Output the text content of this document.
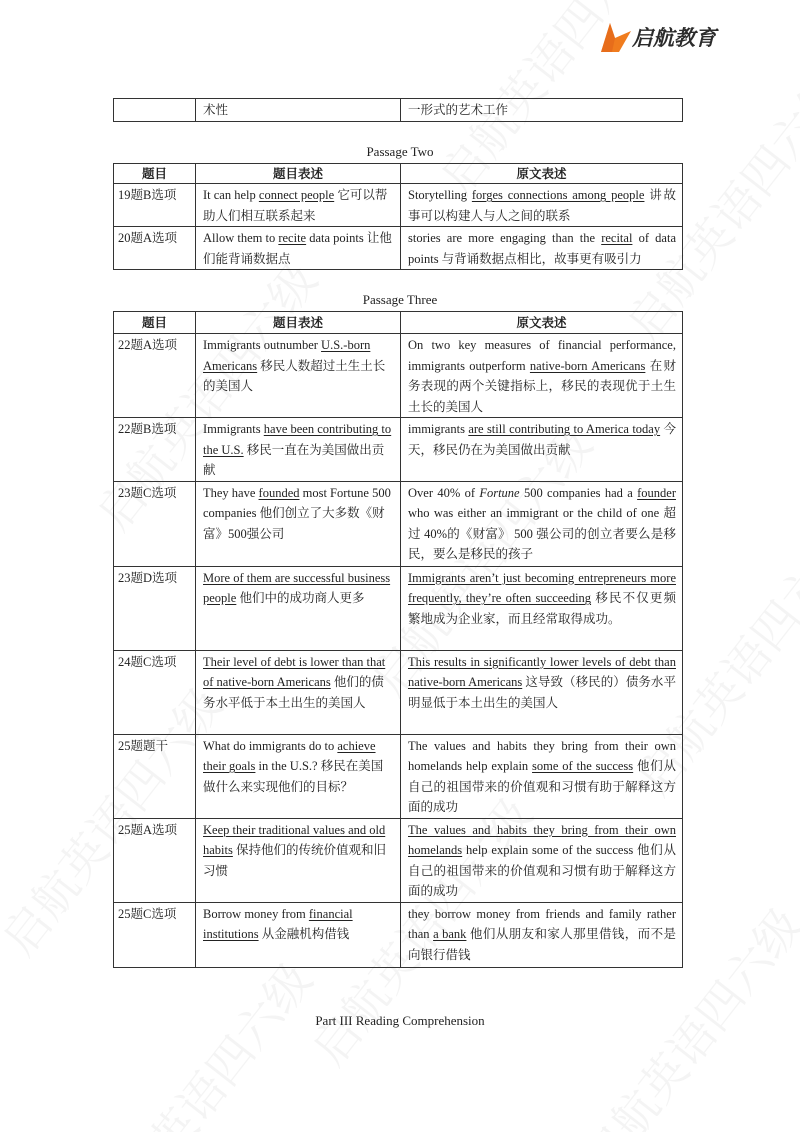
启航教育
	术性	一形式的艺术工作
Passage Two
题目	题目表述	原文表述
19题B选项	It can help connect people 它可以帮助人们相互联系起来	Storytelling forges connections among people 讲故事可以构建人与人之间的联系
20题A选项	Allow them to recite data points 让他们能背诵数据点	stories are more engaging than the recital of data points 与背诵数据点相比，故事更有吸引力
Passage Three
题目	题目表述	原文表述
22题A选项	Immigrants outnumber U.S.-born Americans 移民人数超过土生土长的美国人	On two key measures of financial performance, immigrants outperform native-born Americans 在财务表现的两个关键指标上，移民的表现优于土生土长的美国人
22题B选项	Immigrants have been contributing to the U.S. 移民一直在为美国做出贡献	immigrants are still contributing to America today 今天，移民仍在为美国做出贡献
23题C选项	They have founded most Fortune 500 companies 他们创立了大多数《财富》500强公司	Over 40% of Fortune 500 companies had a founder who was either an immigrant or the child of one 超过 40%的《财富》 500 强公司的创立者要么是移民，要么是移民的孩子
23题D选项	More of them are successful business people 他们中的成功商人更多	Immigrants aren’t just becoming entrepreneurs more frequently, they’re often succeeding 移民不仅更频繁地成为企业家，而且经常取得成功。
24题C选项	Their level of debt is lower than that of native-born Americans 他们的债务水平低于本土出生的美国人	This results in significantly lower levels of debt than native-born Americans 这导致（移民的）债务水平明显低于本土出生的美国人
25题题干	What do immigrants do to achieve their goals in the U.S.? 移民在美国做什么来实现他们的目标？	The values and habits they bring from their own homelands help explain some of the success 他们从自己的祖国带来的价值观和习惯有助于解释这方面的成功
25题A选项	Keep their traditional values and old habits 保持他们的传统价值观和旧习惯	The values and habits they bring from their own homelands help explain some of the success 他们从自己的祖国带来的价值观和习惯有助于解释这方面的成功
25题C选项	Borrow money from financial institutions 从金融机构借钱	they borrow money from friends and family rather than a bank 他们从朋友和家人那里借钱，而不是向银行借钱
Part III Reading Comprehension
